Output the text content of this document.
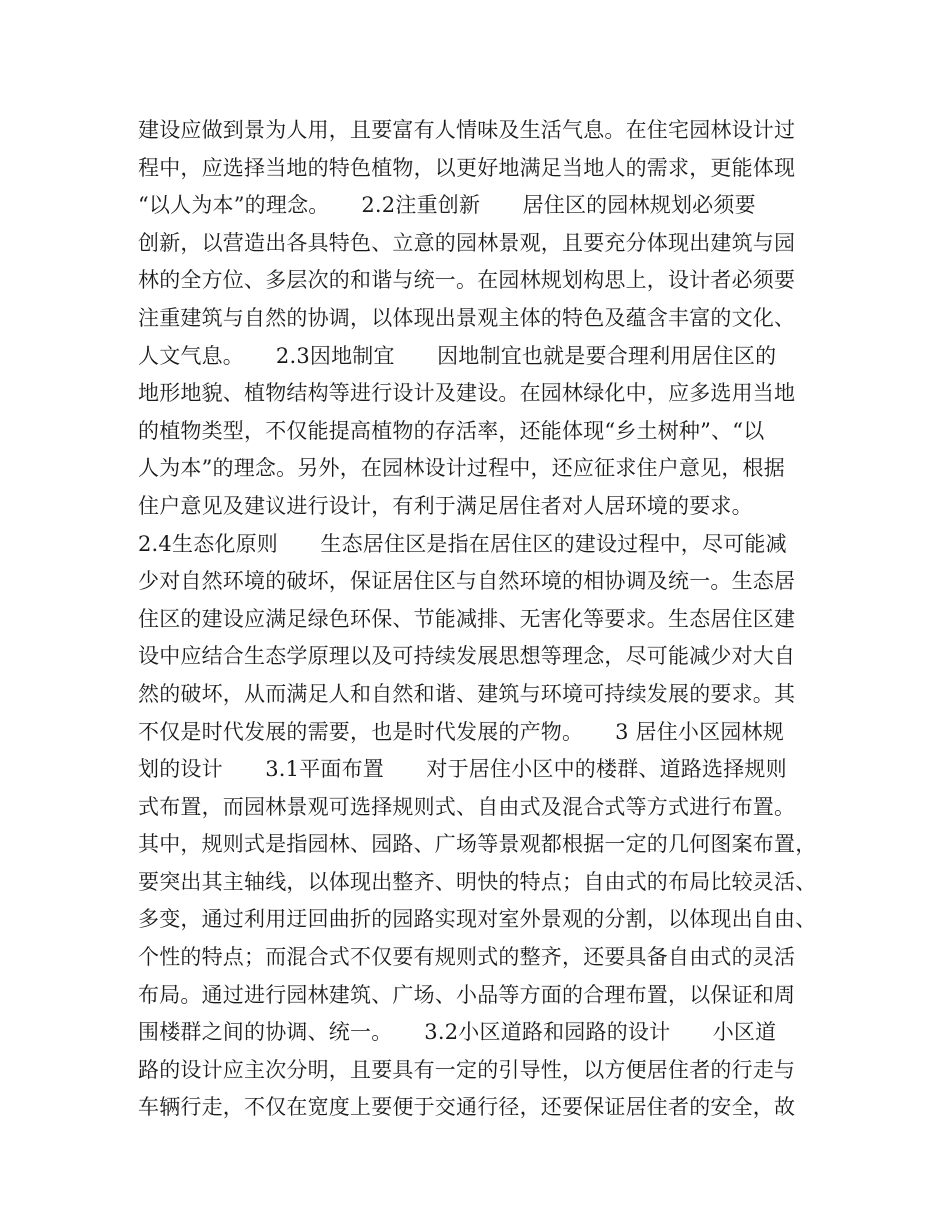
建设应做到景为人用，且要富有人情味及生活气息。在住宅园林设计过
程中，应选择当地的特色植物，以更好地满足当地人的需求，更能体现
“以人为本”的理念。　　2.2注重创新　　居住区的园林规划必须要
创新，以营造出各具特色、立意的园林景观，且要充分体现出建筑与园
林的全方位、多层次的和谐与统一。在园林规划构思上，设计者必须要
注重建筑与自然的协调，以体现出景观主体的特色及蕴含丰富的文化、
人文气息。　　2.3因地制宜　　因地制宜也就是要合理利用居住区的
地形地貌、植物结构等进行设计及建设。在园林绿化中，应多选用当地
的植物类型，不仅能提高植物的存活率，还能体现“乡土树种”、“以
人为本”的理念。另外，在园林设计过程中，还应征求住户意见，根据
住户意见及建议进行设计，有利于满足居住者对人居环境的要求。　　
2.4生态化原则　　生态居住区是指在居住区的建设过程中，尽可能减
少对自然环境的破坏，保证居住区与自然环境的相协调及统一。生态居
住区的建设应满足绿色环保、节能减排、无害化等要求。生态居住区建
设中应结合生态学原理以及可持续发展思想等理念，尽可能减少对大自
然的破坏，从而满足人和自然和谐、建筑与环境可持续发展的要求。其
不仅是时代发展的需要，也是时代发展的产物。　　3 居住小区园林规
划的设计　　3.1平面布置　　对于居住小区中的楼群、道路选择规则
式布置，而园林景观可选择规则式、自由式及混合式等方式进行布置。
其中，规则式是指园林、园路、广场等景观都根据一定的几何图案布置，
要突出其主轴线，以体现出整齐、明快的特点；自由式的布局比较灵活、
多变，通过利用迂回曲折的园路实现对室外景观的分割，以体现出自由、
个性的特点；而混合式不仅要有规则式的整齐，还要具备自由式的灵活
布局。通过进行园林建筑、广场、小品等方面的合理布置，以保证和周
围楼群之间的协调、统一。　　3.2小区道路和园路的设计　　小区道
路的设计应主次分明，且要具有一定的引导性，以方便居住者的行走与
车辆行走，不仅在宽度上要便于交通行径，还要保证居住者的安全，故
